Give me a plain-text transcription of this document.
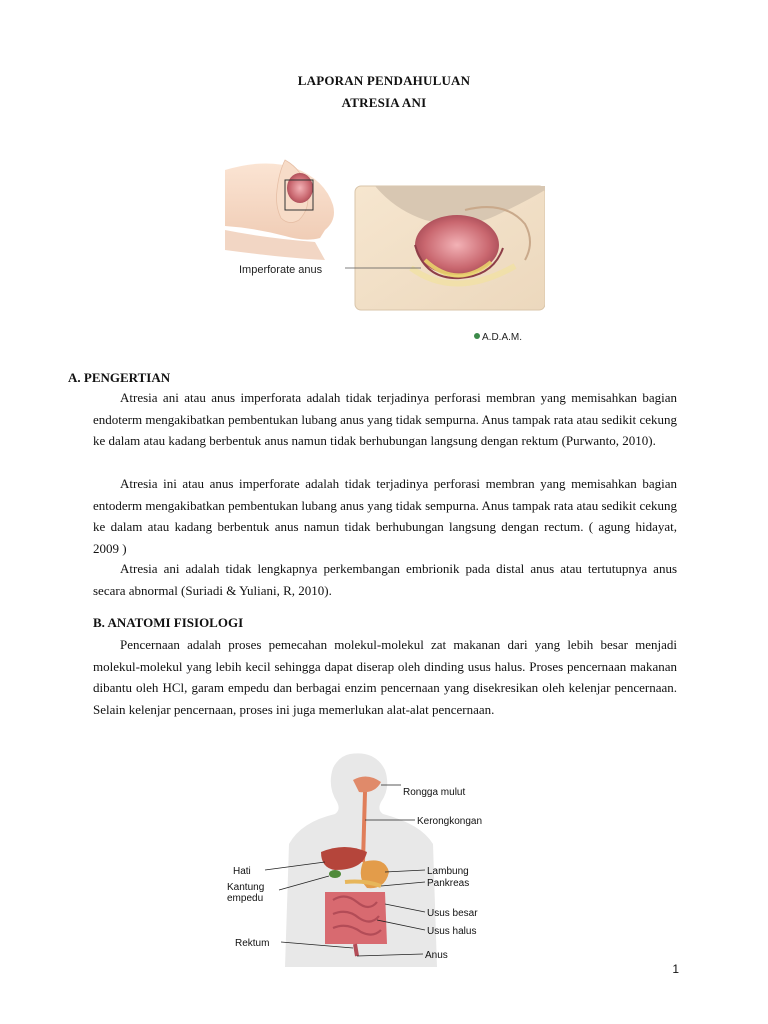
LAPORAN PENDAHULUAN
ATRESIA ANI
Imperforate anus
A.D.A.M.
A. PENGERTIAN

Atresia ani atau anus imperforata adalah tidak terjadinya perforasi membran yang memisahkan bagian endoterm mengakibatkan pembentukan lubang anus yang tidak sempurna. Anus tampak rata atau sedikit cekung ke dalam atau kadang berbentuk anus namun tidak berhubungan langsung dengan rektum (Purwanto, 2010).

Atresia ini atau anus imperforate adalah tidak terjadinya perforasi membran yang memisahkan bagian entoderm mengakibatkan pembentukan lubang anus yang tidak sempurna. Anus tampak rata atau sedikit cekung ke dalam atau kadang berbentuk anus namun tidak berhubungan langsung dengan rectum. ( agung hidayat, 2009 )

Atresia ani adalah tidak lengkapnya perkembangan embrionik pada distal anus atau tertutupnya anus secara abnormal (Suriadi & Yuliani, R, 2010).

B. ANATOMI FISIOLOGI

Pencernaan adalah proses pemecahan molekul-molekul zat makanan dari yang lebih besar menjadi molekul-molekul yang lebih kecil sehingga dapat diserap oleh dinding usus halus. Proses pencernaan makanan dibantu oleh HCl, garam empedu dan berbagai enzim pencernaan yang disekresikan oleh kelenjar pencernaan. Selain kelenjar pencernaan, proses ini juga memerlukan alat-alat pencernaan.

Rongga mulut
Kerongkongan
Hati	Lambung
Kantung
empedu
Pankreas
Usus besar
Usus halus
Rektum
Anus
1
